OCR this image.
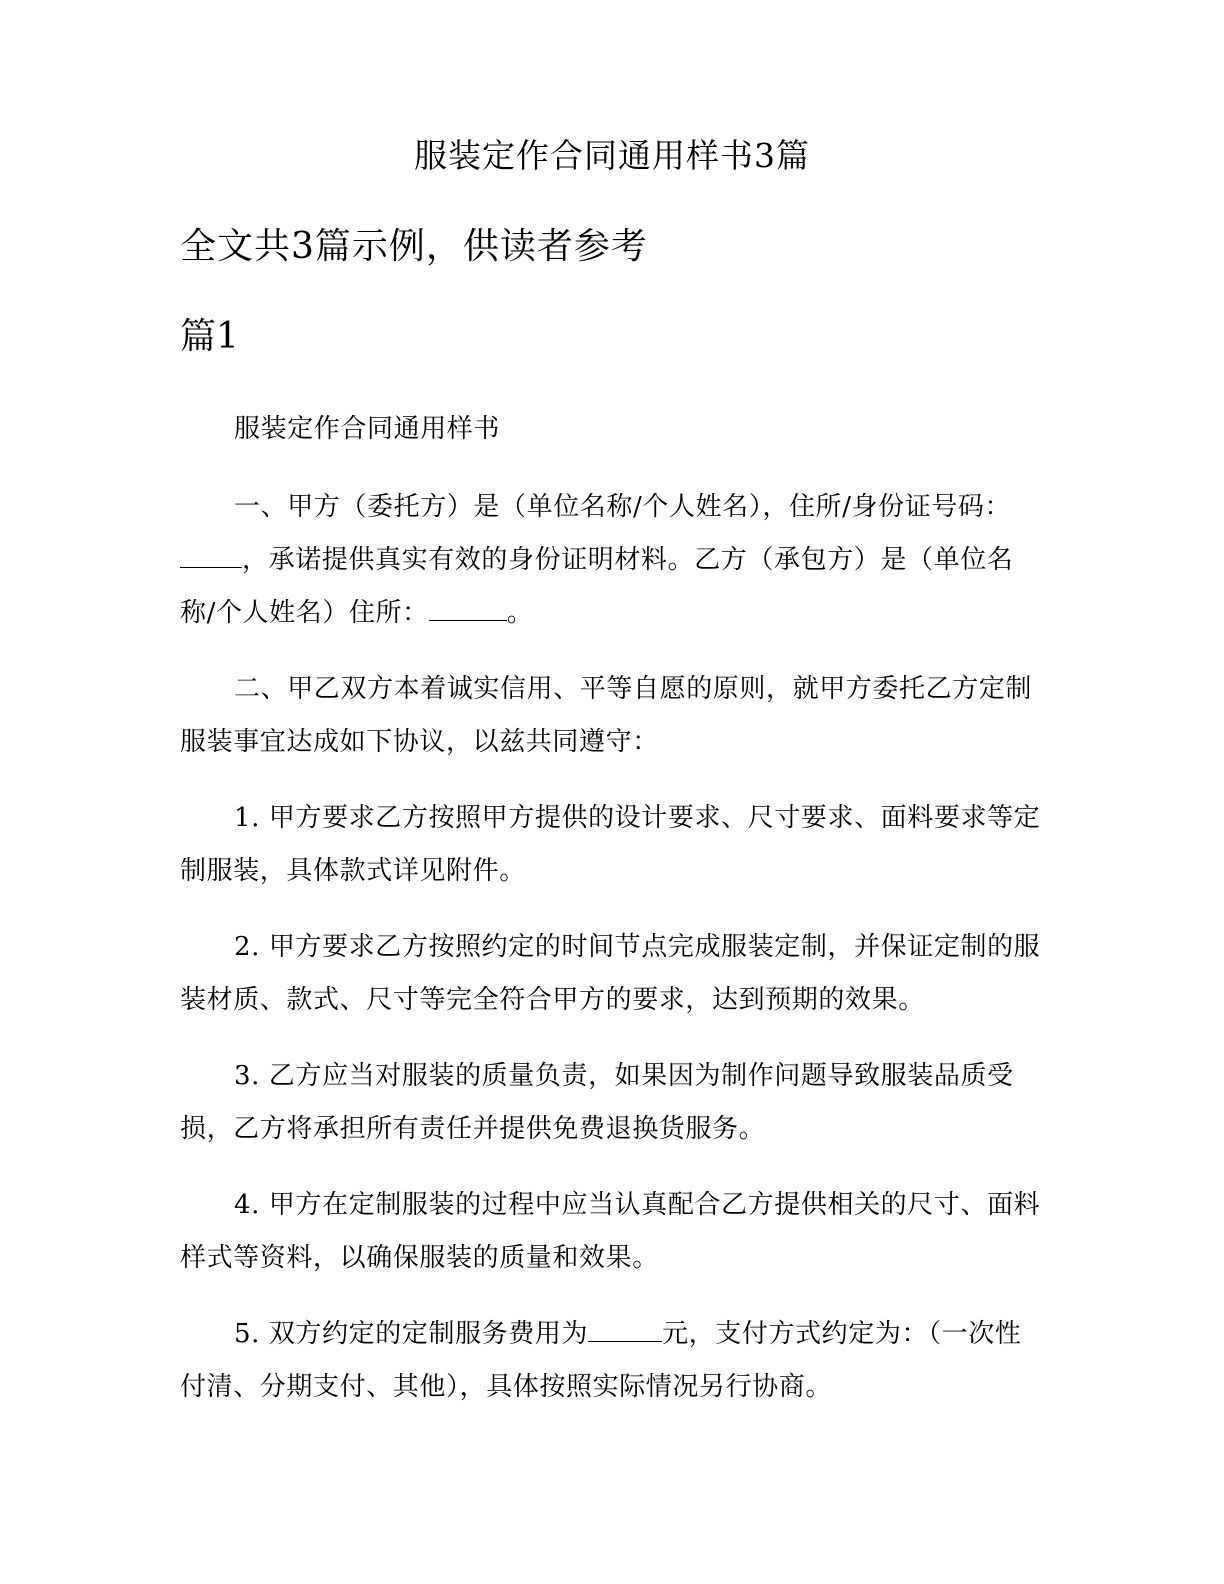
服装定作合同通用样书3篇
全文共3篇示例，供读者参考
篇1

服装定作合同通用样书

一、甲方（委托方）是（单位名称/个人姓名），住所/身份证号码：
，承诺提供真实有效的身份证明材料。乙方（承包方）是（单位名称/个人姓名）住所：	。

二、甲乙双方本着诚实信用、平等自愿的原则，就甲方委托乙方定制服装事宜达成如下协议，以兹共同遵守：

1. 甲方要求乙方按照甲方提供的设计要求、尺寸要求、面料要求等定制服装，具体款式详见附件。

2. 甲方要求乙方按照约定的时间节点完成服装定制，并保证定制的服装材质、款式、尺寸等完全符合甲方的要求，达到预期的效果。

3. 乙方应当对服装的质量负责，如果因为制作问题导致服装品质受损，乙方将承担所有责任并提供免费退换货服务。

4. 甲方在定制服装的过程中应当认真配合乙方提供相关的尺寸、面料样式等资料，以确保服装的质量和效果。

5. 双方约定的定制服务费用为	元，支付方式约定为：（一次性付清、分期支付、其他），具体按照实际情况另行协商。
